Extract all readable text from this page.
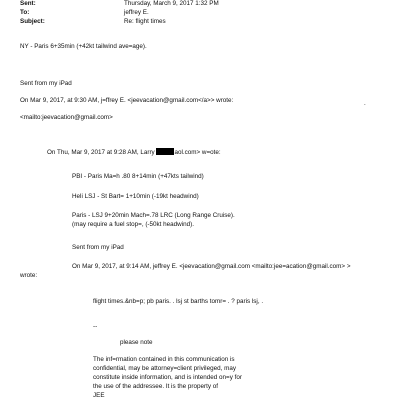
Sent:	Thursday, March 9, 2017 1:32 PM
To:	jeffrey E.
Subject:	Re: flight times
NY - Paris 6+35min (+42kt tailwind ave=age).
Sent from my iPad
On Mar 9, 2017, at 9:30 AM, j=ffrey E. <jeevacation@gmail.com</a>> wrote:	.
<mailto:jeevacation@gmail.com>
On Thu, Mar 9, 2017 at 9:28 AM, Larry	aol.com> w=ote:
PBI - Paris Ma=h .80 8+14min (+47kts tailwind)
Heli LSJ - St Bart= 1+10min (-19kt headwind)
Paris - LSJ 9+20min Mach=.78 LRC (Long Range Cruise).
(may require a fuel stop=, (-50kt headwind).
Sent from my iPad
On Mar 9, 2017, at 9:14 AM, jeffrey E. <jeevacation@gmail.com <mailto:jee=acation@gmail.com> >
wrote:
flight times.&nb=p; pb paris. . lsj st barths tomr= . ? paris lsj, .
--
please note
The inf=rmation contained in this communication is
confidential, may be attorney=client privileged, may
constitute inside information, and is intended on=y for
the use of the addressee. It is the property of
JEE
